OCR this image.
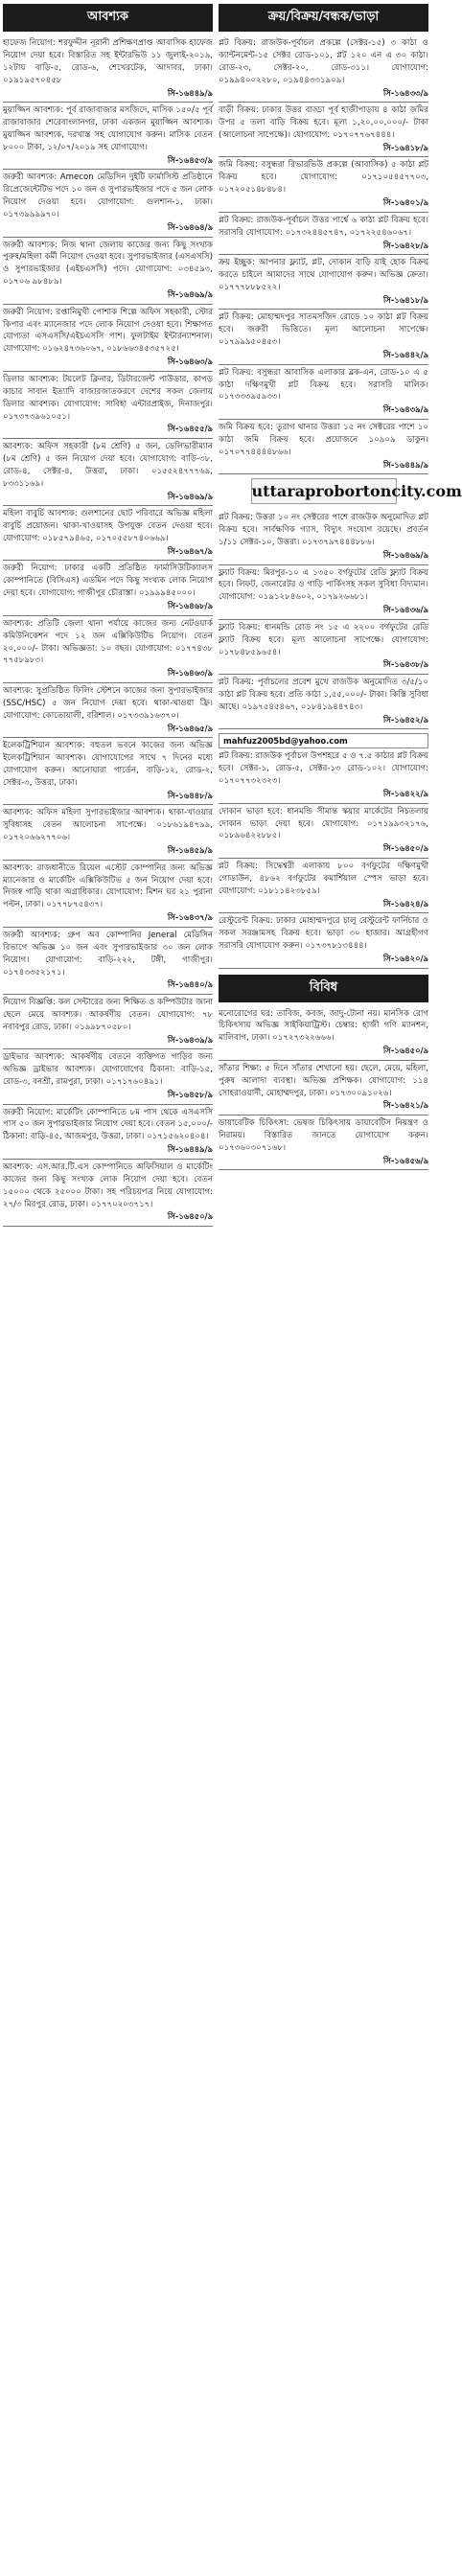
আবশ্যক
হাফেজ নিয়োগ: শরফুদ্দীন নূরানী প্রশিক্ষণপ্রাপ্ত আবাসিক হাফেজ নিয়োগ দেয়া হবে। বিস্তারিত সহ ইন্টারভিউ ১১ জুলাই-২০১৯, ১২টায় বাড়ি-৫, রোড-৬, শেখেরটেক, আদাবর, ঢাকা। ০১৯১৯৫৭০৪৫৮
সি-১৬৪৪৯/৯
মুয়াজ্জিন আবশ্যক: পূর্ব রাজাবাজার মসজিদে, মাসিক ১৫০/৫ পূর্ব রাজাবাজার শেরেবাংলানগর, ঢাকা একজন মুয়াজ্জিন আবশ্যক। মুয়াজ্জিন আবশ্যক, দরখাস্ত সহ যোগাযোগ করুন। মাসিক বেতন ৮০০০ টাকা, ১২/০৭/২০১৯ সহ যোগাযোগ।
সি-১৬৪৫৩/৯
জরুরী আবশ্যক: Amecon মেডিসিন দুইটি ফার্মাসিস্ট প্রতিষ্ঠানে রিপ্রেজেন্টেটিভ পদে ১০ জন ও সুপারভাইজার পদে ৫ জন লোক নিয়োগ দেওয়া হবে। যোগাযোগ: গুলশান-১, ঢাকা। ০১৭৩৯৯৯৯৭০।
সি-১৬৪৬৪/৯
জরুরী আবশ্যক: নিজ থানা জেলায় কাজের জন্য কিছু সংখ্যক পুরুষ/মহিলা কর্মী নিয়োগ দেওয়া হবে। সুপারভাইজার (এসএসসি) ও সুপারভাইজার (এইচএসসি) পদে। যোগাযোগ: ০৩৪৫৯৩, ০১৭০৬ ৯৮৪৮৯।
সি-১৬৪৬৯/৯
জরুরী নিয়োগ: রপ্তানিমুখী পোশাক শিল্পে অফিস সহকারী, স্টোর কিপার এবং ম্যানেজার পদে লোক নিয়োগ দেওয়া হবে। শিক্ষাগত যোগ্যতা এসএসসি/এইচএসসি পাশ। ফুলটাইম ইন্টারন্যাশনাল। যোগাযোগ: ০১৬২৪৭৩৬০৬৭, ০১৮৬৬৩৪৫৩৫৭২৫।
সি-১৬৪৬৩/৯
ডিলার আবশ্যক: টয়লেট ক্লিনার, ডিটারজেন্ট পাউডার, কাপড় কাচার সাবান ইত্যাদি বাজারজাতকরণে দেশের সকল জেলায় ডিলার আবশ্যক। যোগাযোগ: সাবিহা এন্টারপ্রাইজ, দিনাজপুর। ০১৭৩৭৩৯৬১০৫১।
সি-১৬৪৫৫/৯
আবশ্যক: অফিস সহকারী (৮ম শ্রেণি) ৫ জন, ডেলিভারীম্যান (৮ম শ্রেণি) ৫ জন নিয়োগ দেয়া হবে। যোগাযোগ: বাড়ি-৩৮, রোড-৪, সেক্টর-৪, উত্তরা, ঢাকা। ০১৫৫২৪৭৭৭৬৯, ৮৩৩১১৬৯।
সি-১৬৪৬৯/৯
মহিলা বাবুর্চি আবশ্যক: গুলশানের ছোট পরিবারে অভিজ্ঞ মহিলা বাবুর্চি প্রয়োজন। থাকা-খাওয়াসহ উপযুক্ত বেতন দেওয়া হবে। যোগাযোগ: ০১৮৫৭৯৪৬৫, ০১৭০৫৫৮৭৪০৬৬৯।
সি-১৬৪৬৭/৯
জরুরী নিয়োগ: ঢাকার একটি প্রতিষ্ঠিত ফার্মাসিউটিক্যালস কোম্পানিতে (বিসিএস) এডমিন পদে কিছু সংখ্যক লোক নিয়োগ দেয়া হবে। যোগাযোগ: গাজীপুর চৌরাস্তা। ০১৯৯৯৪৫০০০।
সি-১৬৪৬৮/৯
আবশ্যক: প্রতিটি জেলা থানা পর্যায়ে কাজের জন্য নেটওয়ার্ক কমিউনিকেশন পদে ১২ জন এক্সিকিউটিভ নিয়োগ। বেতন ২০,০০০/- টাকা। অভিজ্ঞতা: ১০ বছর। যোগাযোগ: ০১৭৭৪৩৮ ৭৭৫৮৯৮৩।
সি-১৬৪৬৩/৯
আবশ্যক: সুপ্রতিষ্ঠিত ফিলিং স্টেশনে কাজের জন্য সুপারভাইজার (SSC/HSC) ৫ জন নিয়োগ দেয়া হবে। থাকা-খাওয়া ফ্রি। যোগাযোগ: কোতোয়ালী, বরিশাল। ০১৭৩৩৯১৬৩৭০।
সি-১৬৪৬৫/৯
ইলেকট্রিশিয়ান আবশ্যক: বহুতল ভবনে কাজের জন্য অভিজ্ঞ ইলেকট্রিশিয়ান আবশ্যক। যোগাযোগের সাথে ৭ দিনের মধ্যে যোগাযোগ করুন। আনোয়ারা গার্ডেন, বাড়ি-১২, রোড-২, সেক্টর-৩, উত্তরা, ঢাকা।
সি-১৬৪৪৮/৯
আবশ্যক: অফিস মহিলা সুপারভাইজার আবশ্যক। থাকা-খাওয়ার সুবিধাসহ বেতন আলোচনা সাপেক্ষে। ০১৮৬১৯৪৭৯৯, ০১৭২০৬৬২৭৭০৬।
সি-১৬৪৫৯/৯
আবশ্যক: রাজধানীতে রিয়েল এস্টেট কোম্পানির জন্য অভিজ্ঞ ম্যানেজার ও মার্কেটিং এক্সিকিউটিভ ৫ জন নিয়োগ দেয়া হবে। নিজস্ব গাড়ি থাকা অগ্রাধিকার। যোগাযোগ: মিশন ঘর ২১ পুরানা পল্টন, ঢাকা। ০১৭৭৮৭৫৪৩৭।
সি-১৬৪৩৭/৯
জরুরী আবশ্যক: গ্রুপ অব কোম্পানির Jeneral মেডিসিন বিভাগে অভিজ্ঞ ১০ জন এবং সুপারভাইজার ৩০ জন লোক নিয়োগ। যোগাযোগ: বাড়ি-২২২, টঙ্গী, গাজীপুর। ০১৭৪৩৩৫২১৭১।
সি-১৬৪৪০/৯
নিয়োগ বিজ্ঞপ্তি: কল সেন্টারের জন্য শিক্ষিত ও কম্পিউটার জানা ছেলে মেয়ে আবশ্যক। আকর্ষণীয় বেতন। যোগাযোগ: ৭৮ নবাবপুর রোড, ঢাকা। ০১৯৯৮৭০৫৮০।
সি-১৬৪৩৯/৯
ড্রাইভার আবশ্যক: আকর্ষণীয় বেতনে ব্যক্তিগত গাড়ির জন্য অভিজ্ঞ ড্রাইভার আবশ্যক। যোগাযোগের ঠিকানা: বাড়ি-১৫, রোড-৩, বনশ্রী, রামপুরা, ঢাকা। ০১৭১৭৬০৪৯১।
সি-১৬৪৫৮/৯
জরুরী নিয়োগ: মার্কেটিং কোম্পানিতে ৮ম পাস থেকে এসএসসি পাস ৫০ জন সুপারভাইজার নিয়োগ দেয়া হবে। বেতন ১৫,০০০/- ঠিকানা: বাড়ি-৪৫, আজমপুর, উত্তরা, ঢাকা। ০১৭১৫৬২০৪০৪।
সি-১৬৪৪৯/৯
আবশ্যক: এস.আর.টি.এস কোম্পানিতে অফিসিয়াল ও মার্কেটিং কাজের জন্য কিছু সংখ্যক লোক নিয়োগ দেয়া হবে। বেতন ১৫০০০ থেকে ২৫০০০ টাকা। সহ পরিচয়পত্র নিয়ে যোগাযোগ: ২৭/৩ মিরপুর রোড, ঢাকা। ০১৭৭০২০৩৭১৭।
সি-১৬৪৫০/৯
ক্রয়/বিক্রয়/বন্ধক/ভাড়া
প্লট বিক্রয়: রাজউক-পূর্বাচল প্রকল্পে (সেক্টর-১৫) ৩ কাঠা ও ক্যান্টনমেন্ট-১৫ সেক্টর রোড-১০১, প্লট ১২০ এন এ ৩০ কাঠা। রোড-২৩, সেক্টর-২০, রোড-৩১১। যোগাযোগ: ০১৯৯৪০০২২৮০, ০১৯৪৪৩৩১৯০৯।
সি-১৬৪৩৩/৯
বাড়ী বিক্রয়: ঢাকার উত্তর বাড্ডা পূর্ব হাজীপাড়ায় ৪ কাঠা জমির উপর ৫ তলা বাড়ি বিক্রয় হবে। মূল্য ১,২০,০০,০০০/- টাকা (আলোচনা সাপেক্ষে)। যোগাযোগ: ০১৭০৭৭৬৭৪৪৪।
সি-১৬৪১৮/৯
জমি বিক্রয়: বসুন্ধরা রিভারভিউ প্রকল্পে (আবাসিক) ৫ কাঠা প্লট বিক্রয় হবে। যোগাযোগ: ০১৭১০৫৪৫৭৭০৩, ০১৭২০৫১৪৮৪৮৪।
সি-১৬৪০১/৯
প্লট বিক্রয়: রাজউক-পূর্বাচল উত্তর পার্শ্বে ৬ কাঠা প্লট বিক্রয় হবে। সরাসরি যোগাযোগ: ০১৭৩২৪৪৫৭৪৭, ০১৭২২৫৪৬০৬৭।
সি-১৬৪২৮/৯
ক্রয় ইচ্ছুক: আপনার ফ্ল্যাট, প্লট, দোকান বাড়ি যাই হোক বিক্রয় করতে চাইলে আমাদের সাথে যোগাযোগ করুন। অভিজ্ঞ ক্রেতা। ০১৭৭৭৮৮৮৫২২।
সি-১৬৪১৮/৯
প্লট বিক্রয়: মোহাম্মদপুর সাতমসজিদ রোডে ১০ কাঠা প্লট বিক্রয় হবে। জরুরী ভিত্তিতে। মূল্য আলোচনা সাপেক্ষে। ০১৭৯৯৯৫০৪৫৩।
সি-১৬৪৪২/৯
প্লট বিক্রয়: বসুন্ধরা আবাসিক এলাকার ব্লক-এন, রোড-১০ এ ৫ কাঠা দক্ষিণমুখী প্লট বিক্রয় হবে। সরাসরি মালিক। ০১৭৩৩৩৯৫৯৩৩।
সি-১৬৪৩৯/৯
জমি বিক্রয় হবে: তুরাগ থানার উত্তরা ১৫ নং সেক্টরের পাশে ১০ কাঠা জমি বিক্রয় হবে। প্রয়োজনে ১০৯০৯ ডাকুন। ০১৭০৭৭৪৪৪৪৮৬৬।
সি-১৬৪৪৯/৯
uttaraprobortoncity.com
প্লট বিক্রয়: উত্তরা ১০ নং সেক্টরের পাশে রাজউক অনুমোদিত প্লট বিক্রয় হবে। সার্বক্ষণিক গ্যাস, বিদ্যুৎ সংযোগ রয়েছে। প্রবর্তন ১/১১ সেক্টর-১০, উত্তরা। ০১৭৩৭৯৭৪৪৪৮৮৬।
সি-১৬৪৬৯/৯
ফ্ল্যাট বিক্রয়: মিরপুর-১০ এ ১৩৫০ বর্গফুটের রেডি ফ্ল্যাট বিক্রয় হবে। লিফট, জেনারেটর ও গাড়ি পার্কিংসহ সকল সুবিধা বিদ্যমান। যোগাযোগ: ০১৯১২৮৪৬০২, ০১৭৯২৬৬৮১।
সি-১৬৪৩৬/৯
ফ্ল্যাট বিক্রয়: ধানমন্ডি রোড নং ১৫ এ ২২০০ বর্গফুটের রেডি ফ্ল্যাট বিক্রয় হবে। মূল্য আলোচনা সাপেক্ষে। যোগাযোগ: ০১৭৮৪৮৫৯৬৫৪।
সি-১৬৪৩৮/৯
প্লট বিক্রয়: পূর্বাচলের প্রবেশ মুখে রাজউক অনুমোদিত ৩/৫/১০ কাঠা প্লট বিক্রয় হবে। প্রতি কাঠা ১,৫৫,০০০/- টাকা। কিস্তি সুবিধা আছে। ০১৯৭৫৪৫৪৬৭, ০১৮৪১৯৪৪৭৪৩।
সি-১৬৪৫২/৯
mahfuz2005bd@yahoo.com
প্লট বিক্রয়: রাজউক পূর্বাচল উপশহরে ৫ ও ৭.৫ কাঠার প্লট বিক্রয় হবে। সেক্টর-১, রোড-৫, সেক্টর-১৩ রোড-১০২। যোগাযোগ: ০১৭০৭৭৩২৩২৩।
সি-১৬৪২২/৯
দোকান ভাড়া হবে: ধানমন্ডি সীমান্ত স্কয়ার মার্কেটের নিচতলায় দোকান ভাড়া দেয়া হবে। যোগাযোগ: ০১৭১৯৯৩২১৭৬, ০১৮৯৬৪২২৮৮৫।
সি-১৬৪৫০/৯
প্লট বিক্রয়: সিদ্ধেশ্বরী এলাকায় ৮০০ বর্গফুটের দক্ষিণমুখী গোডাউন, ৪৮৬২ বর্গফুটের কমার্শিয়াল স্পেস ভাড়া হবে। যোগাযোগ: ০১৮১১৪২৩৮৫৯।
সি-১৬৪২৪/৯
রেস্টুরেন্ট বিক্রয়: ঢাকার মোহাম্মদপুরে চালু রেস্টুরেন্ট ফার্নিচার ও সকল সরঞ্জামসহ বিক্রয় হবে। ভাড়া ৩০ হাজার। আগ্রহীগণ সরাসরি যোগাযোগ করুন। ০১৭৩৭৮১৩৪৪৪।
সি-১৬৪২০/৯
বিবিধ
মনোরোগের ঘর: তাবিজ, কবজ, জাদু-টোনা নয়। মানসিক রোগ চিকিৎসায় অভিজ্ঞ সাইকিয়াট্রিস্ট। চেম্বার: হাজী গণি ম্যানশন, মালিবাগ, ঢাকা। ০১৭২৭৩২২৬৬৬।
সি-১৬৪৫০/৯
সাঁতার শিক্ষা: ৫ দিনে সাঁতার শেখানো হয়। ছেলে, মেয়ে, মহিলা, পুরুষ আলাদা ব্যবস্থা। অভিজ্ঞ প্রশিক্ষক। যোগাযোগ: ১১৪ সোহরাওয়ার্দী, মোহাম্মদপুর, ঢাকা। ০১৭৩০০৯১০২৬।
সি-১৬৪২১/৯
ডায়াবেটিক চিকিৎসা: ভেষজ চিকিৎসায় ডায়াবেটিস নিয়ন্ত্রণ ও নিরাময়। বিস্তারিত জানতে যোগাযোগ করুন। ০১৭৩৬০৩০৭১৬৮।
সি-১৬৪৫৬/৯
